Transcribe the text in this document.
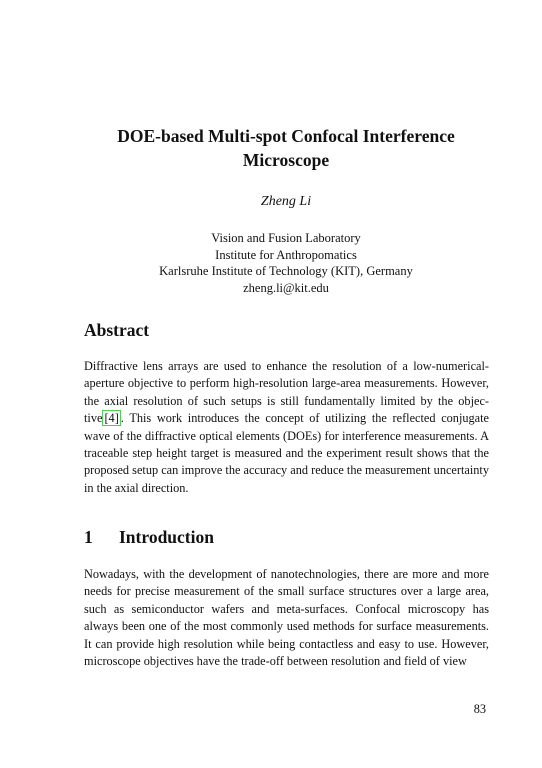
DOE-based Multi-spot Confocal Interference
Microscope
Zheng Li
Vision and Fusion Laboratory
Institute for Anthropomatics
Karlsruhe Institute of Technology (KIT), Germany
zheng.li@kit.edu
Abstract
Diffractive lens arrays are used to enhance the resolution of a low-numerical-aperture objective to perform high-resolution large-area measurements. However, the axial resolution of such setups is still fundamentally limited by the objec-tive [4] . This work introduces the concept of utilizing the reflected conjugate wave of the diffractive optical elements (DOEs) for interference measurements. A traceable step height target is measured and the experiment result shows that the proposed setup can improve the accuracy and reduce the measurement uncertainty in the axial direction.
1 Introduction
Nowadays, with the development of nanotechnologies, there are more and more needs for precise measurement of the small surface structures over a large area, such as semiconductor wafers and meta-surfaces. Confocal microscopy has always been one of the most commonly used methods for surface measurements. It can provide high resolution while being contactless and easy to use. However, microscope objectives have the trade-off between resolution and field of view
83
